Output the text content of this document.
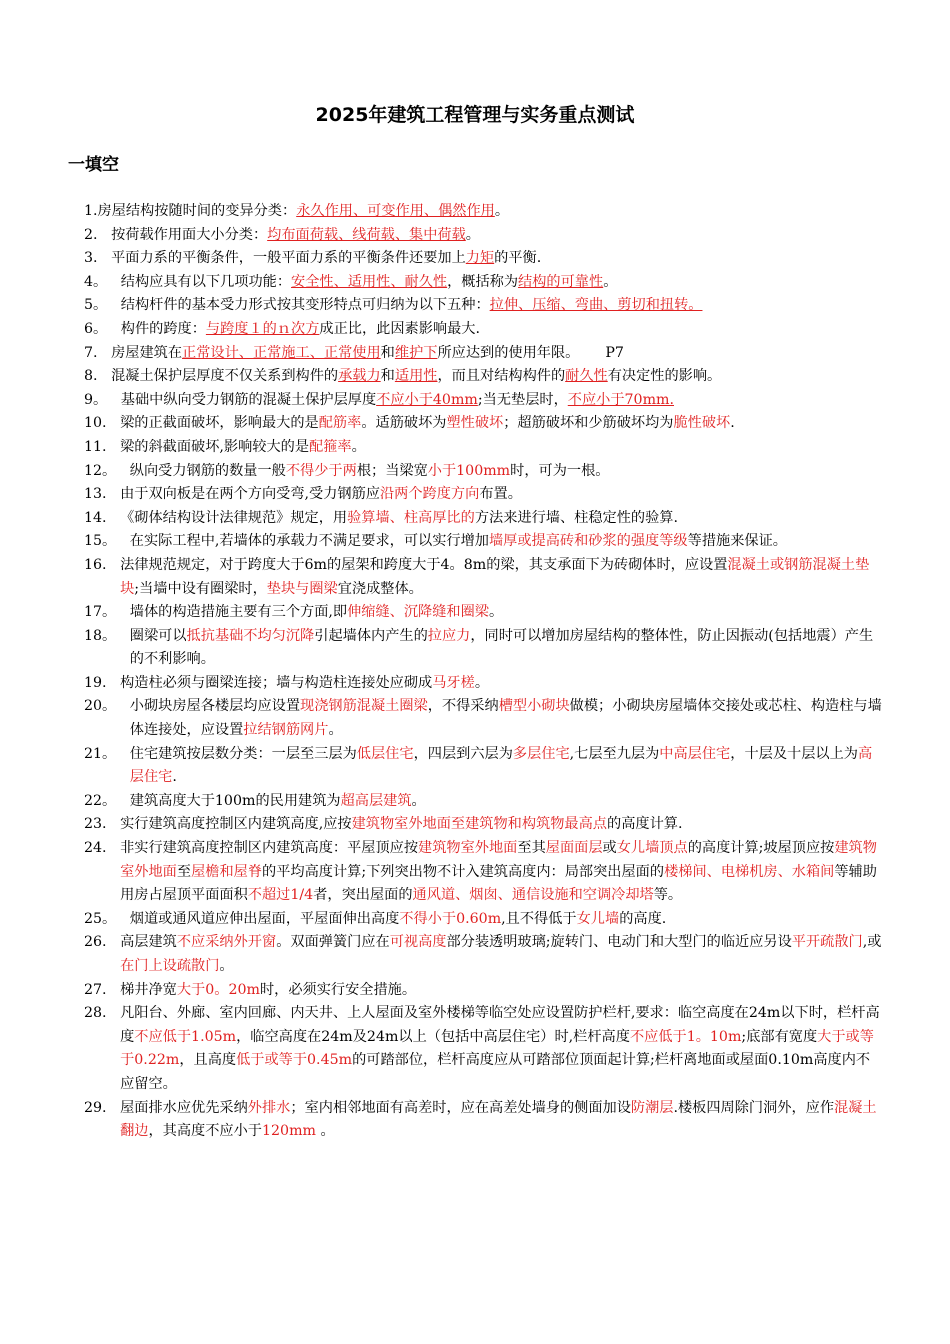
2025年建筑工程管理与实务重点测试
一填空
1. 房屋结构按随时间的变异分类：永久作用、可变作用、偶然作用。
2. 按荷载作用面大小分类：均布面荷载、线荷载、集中荷载。
3. 平面力系的平衡条件，一般平面力系的平衡条件还要加上力矩的平衡.
4。 结构应具有以下几项功能：安全性、适用性、耐久性，概括称为结构的可靠性。
5。 结构杆件的基本受力形式按其变形特点可归纳为以下五种：拉伸、压缩、弯曲、剪切和扭转。
6。 构件的跨度：与跨度１的ｎ次方成正比，此因素影响最大.
7. 房屋建筑在正常设计、正常施工、正常使用和维护下所应达到的使用年限。 P7
8. 混凝土保护层厚度不仅关系到构件的承载力和适用性，而且对结构构件的耐久性有决定性的影响。
9。 基础中纵向受力钢筋的混凝土保护层厚度不应小于40mm;当无垫层时，不应小于70mm.
10. 梁的正截面破坏，影响最大的是配筋率。适筋破坏为塑性破坏；超筋破坏和少筋破坏均为脆性破坏.
11. 梁的斜截面破坏,影响较大的是配箍率。
12。 纵向受力钢筋的数量一般不得少于两根；当梁宽小于100mm时，可为一根。
13. 由于双向板是在两个方向受弯,受力钢筋应沿两个跨度方向布置。
14. 《砌体结构设计法律规范》规定，用验算墙、柱高厚比的方法来进行墙、柱稳定性的验算.
15。 在实际工程中,若墙体的承载力不满足要求，可以实行增加墙厚或提高砖和砂浆的强度等级等措施来保证。
16. 法律规范规定，对于跨度大于6m的屋架和跨度大于4。8m的梁，其支承面下为砖砌体时，应设置混凝土或钢筋混凝土垫块;当墙中设有圈梁时，垫块与圈梁宜浇成整体。
17。 墙体的构造措施主要有三个方面,即伸缩缝、沉降缝和圈梁。
18。 圈梁可以抵抗基础不均匀沉降引起墙体内产生的拉应力，同时可以增加房屋结构的整体性，防止因振动(包括地震）产生的不利影响。
19. 构造柱必须与圈梁连接；墙与构造柱连接处应砌成马牙槎。
20。 小砌块房屋各楼层均应设置现浇钢筋混凝土圈梁，不得采纳槽型小砌块做模；小砌块房屋墙体交接处或芯柱、构造柱与墙体连接处，应设置拉结钢筋网片。
21。 住宅建筑按层数分类：一层至三层为低层住宅，四层到六层为多层住宅,七层至九层为中高层住宅，十层及十层以上为高层住宅.
22。 建筑高度大于100m的民用建筑为超高层建筑。
23. 实行建筑高度控制区内建筑高度,应按建筑物室外地面至建筑物和构筑物最高点的高度计算.
24. 非实行建筑高度控制区内建筑高度：平屋顶应按建筑物室外地面至其屋面面层或女儿墙顶点的高度计算;坡屋顶应按建筑物室外地面至屋檐和屋脊的平均高度计算;下列突出物不计入建筑高度内：局部突出屋面的楼梯间、电梯机房、水箱间等辅助用房占屋顶平面面积不超过1/4者，突出屋面的通风道、烟囱、通信设施和空调冷却塔等。
25。 烟道或通风道应伸出屋面，平屋面伸出高度不得小于0.60m,且不得低于女儿墙的高度.
26. 高层建筑不应采纳外开窗。双面弹簧门应在可视高度部分装透明玻璃;旋转门、电动门和大型门的临近应另设平开疏散门,或在门上设疏散门。
27. 梯井净宽大于0。20m时，必须实行安全措施。
28. 凡阳台、外廊、室内回廊、内天井、上人屋面及室外楼梯等临空处应设置防护栏杆,要求：临空高度在24m以下时，栏杆高度不应低于1.05m，临空高度在24m及24m以上（包括中高层住宅）时,栏杆高度不应低于1。10m;底部有宽度大于或等于0.22m，且高度低于或等于0.45m的可踏部位，栏杆高度应从可踏部位顶面起计算;栏杆离地面或屋面0.10m高度内不应留空。
29. 屋面排水应优先采纳外排水；室内相邻地面有高差时，应在高差处墙身的侧面加设防潮层.楼板四周除门洞外，应作混凝土翻边，其高度不应小于120mm 。
